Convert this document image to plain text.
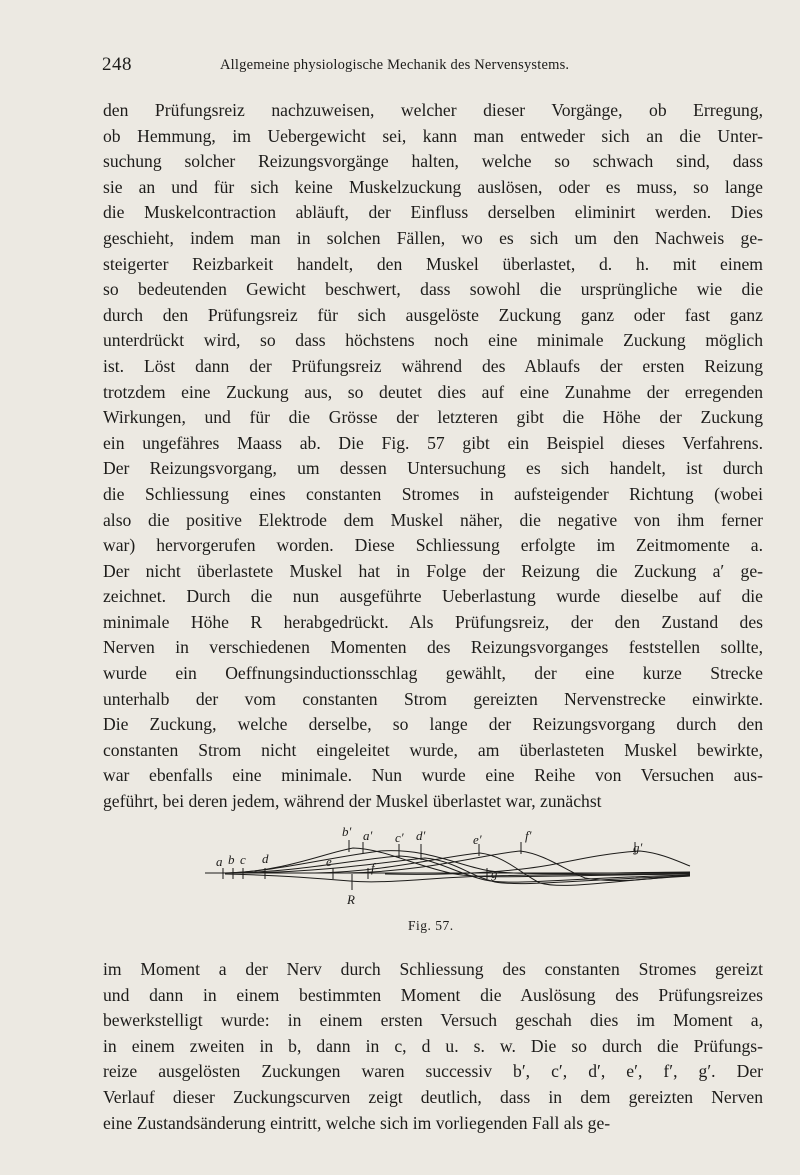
248	Allgemeine physiologische Mechanik des Nervensystems.
den Prüfungsreiz nachzuweisen, welcher dieser Vorgänge, ob Erregung,
ob Hemmung, im Uebergewicht sei, kann man entweder sich an die Unter-
suchung solcher Reizungsvorgänge halten, welche so schwach sind, dass
sie an und für sich keine Muskelzuckung auslösen, oder es muss, so lange
die Muskelcontraction abläuft, der Einfluss derselben eliminirt werden. Dies
geschieht, indem man in solchen Fällen, wo es sich um den Nachweis ge-
steigerter Reizbarkeit handelt, den Muskel überlastet, d. h. mit einem
so bedeutenden Gewicht beschwert, dass sowohl die ursprüngliche wie die
durch den Prüfungsreiz für sich ausgelöste Zuckung ganz oder fast ganz
unterdrückt wird, so dass höchstens noch eine minimale Zuckung möglich
ist. Löst dann der Prüfungsreiz während des Ablaufs der ersten Reizung
trotzdem eine Zuckung aus, so deutet dies auf eine Zunahme der erregenden
Wirkungen, und für die Grösse der letzteren gibt die Höhe der Zuckung
ein ungefähres Maass ab. Die Fig. 57 gibt ein Beispiel dieses Verfahrens.
Der Reizungsvorgang, um dessen Untersuchung es sich handelt, ist durch
die Schliessung eines constanten Stromes in aufsteigender Richtung (wobei
also die positive Elektrode dem Muskel näher, die negative von ihm ferner
war) hervorgerufen worden. Diese Schliessung erfolgte im Zeitmomente a.
Der nicht überlastete Muskel hat in Folge der Reizung die Zuckung a′ ge-
zeichnet. Durch die nun ausgeführte Ueberlastung wurde dieselbe auf die
minimale Höhe R herabgedrückt. Als Prüfungsreiz, der den Zustand des
Nerven in verschiedenen Momenten des Reizungsvorganges feststellen sollte,
wurde ein Oeffnungsinductionsschlag gewählt, der eine kurze Strecke
unterhalb der vom constanten Strom gereizten Nervenstrecke einwirkte.
Die Zuckung, welche derselbe, so lange der Reizungsvorgang durch den
constanten Strom nicht eingeleitet wurde, am überlasteten Muskel bewirkte,
war ebenfalls eine minimale. Nun wurde eine Reihe von Versuchen aus-
geführt, bei deren jedem, während der Muskel überlastet war, zunächst
a b c d	e	f	g
R
b′ a′ c′ d′	e′	f′
g′
Fig. 57.
im Moment a der Nerv durch Schliessung des constanten Stromes gereizt
und dann in einem bestimmten Moment die Auslösung des Prüfungsreizes
bewerkstelligt wurde: in einem ersten Versuch geschah dies im Moment a,
in einem zweiten in b, dann in c, d u. s. w. Die so durch die Prüfungs-
reize ausgelösten Zuckungen waren successiv b′, c′, d′, e′, f′, g′. Der
Verlauf dieser Zuckungscurven zeigt deutlich, dass in dem gereizten Nerven
eine Zustandsänderung eintritt, welche sich im vorliegenden Fall als ge-
